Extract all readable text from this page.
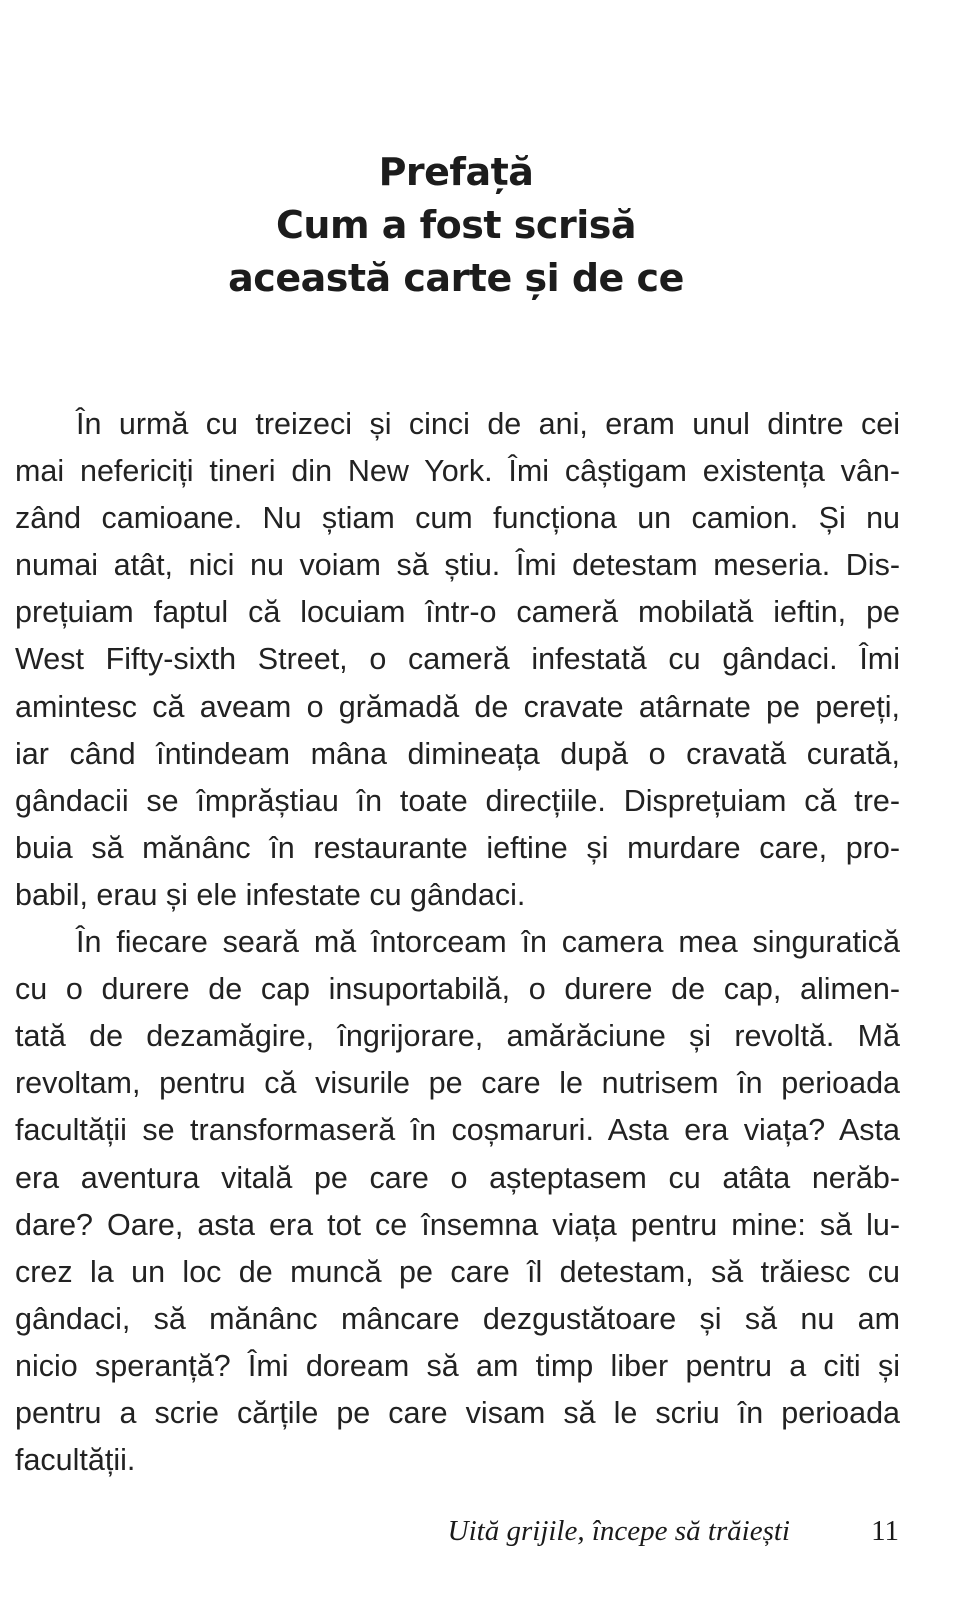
Prefață
Cum a fost scrisă
această carte și de ce
În urmă cu treizeci și cinci de ani, eram unul dintre cei
mai nefericiți tineri din New York. Îmi câștigam existența vân-
zând camioane. Nu știam cum funcționa un camion. Și nu
numai atât, nici nu voiam să știu. Îmi detestam meseria. Dis-
prețuiam faptul că locuiam într-o cameră mobilată ieftin, pe
West Fifty-sixth Street, o cameră infestată cu gândaci. Îmi
amintesc că aveam o grămadă de cravate atârnate pe pereți,
iar când întindeam mâna dimineața după o cravată curată,
gândacii se împrăștiau în toate direcțiile. Disprețuiam că tre-
buia să mănânc în restaurante ieftine și murdare care, pro-
babil, erau și ele infestate cu gândaci.
În fiecare seară mă întorceam în camera mea singuratică
cu o durere de cap insuportabilă, o durere de cap, alimen-
tată de dezamăgire, îngrijorare, amărăciune și revoltă. Mă
revoltam, pentru că visurile pe care le nutrisem în perioada
facultății se transformaseră în coșmaruri. Asta era viața? Asta
era aventura vitală pe care o așteptasem cu atâta nerăb-
dare? Oare, asta era tot ce însemna viața pentru mine: să lu-
crez la un loc de muncă pe care îl detestam, să trăiesc cu
gândaci, să mănânc mâncare dezgustătoare și să nu am
nicio speranță? Îmi doream să am timp liber pentru a citi și
pentru a scrie cărțile pe care visam să le scriu în perioada
facultății.
Uită grijile, începe să trăiești	11
